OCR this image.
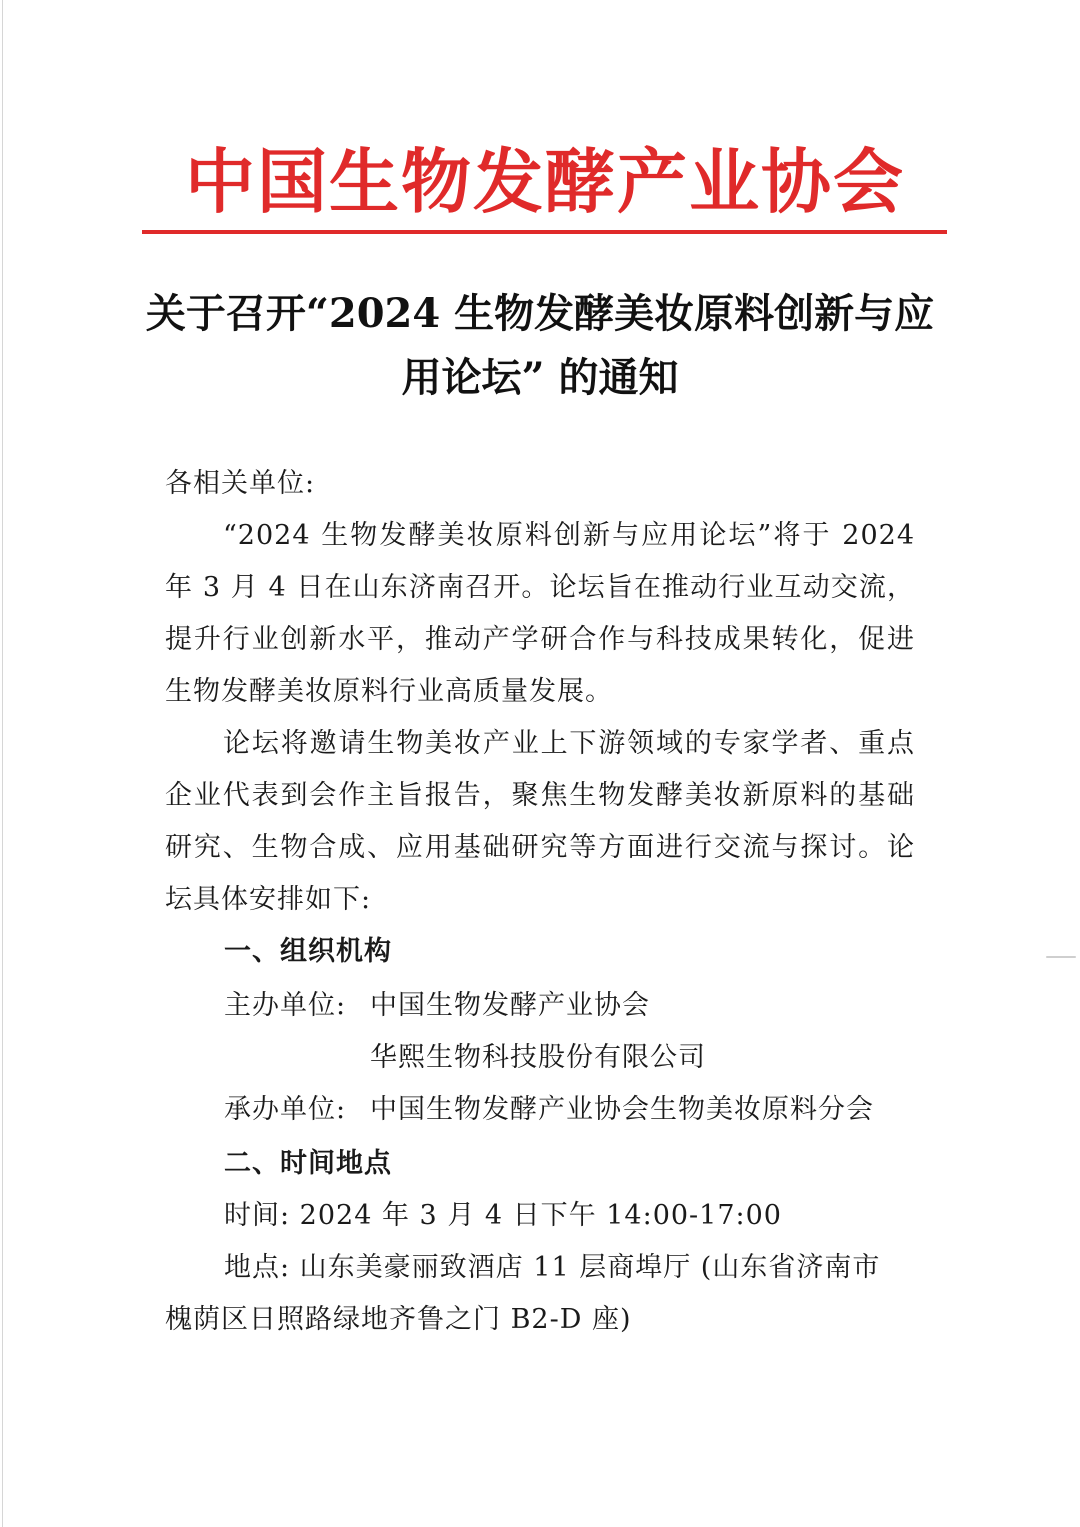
中国生物发酵产业协会
关于召开“2024 生物发酵美妆原料创新与应
用论坛” 的通知
各相关单位:
“2024 生物发酵美妆原料创新与应用论坛”将于 2024 年 3 月 4 日在山东济南召开。论坛旨在推动行业互动交流，提升行业创新水平，推动产学研合作与科技成果转化，促进生物发酵美妆原料行业高质量发展。
论坛将邀请生物美妆产业上下游领域的专家学者、重点企业代表到会作主旨报告，聚焦生物发酵美妆新原料的基础研究、生物合成、应用基础研究等方面进行交流与探讨。论坛具体安排如下:
一、组织机构
主办单位: 中国生物发酵产业协会
华熙生物科技股份有限公司
承办单位: 中国生物发酵产业协会生物美妆原料分会
二、时间地点
时间: 2024 年 3 月 4 日下午 14:00-17:00
地点: 山东美豪丽致酒店 11 层商埠厅 (山东省济南市
槐荫区日照路绿地齐鲁之门 B2-D 座)
